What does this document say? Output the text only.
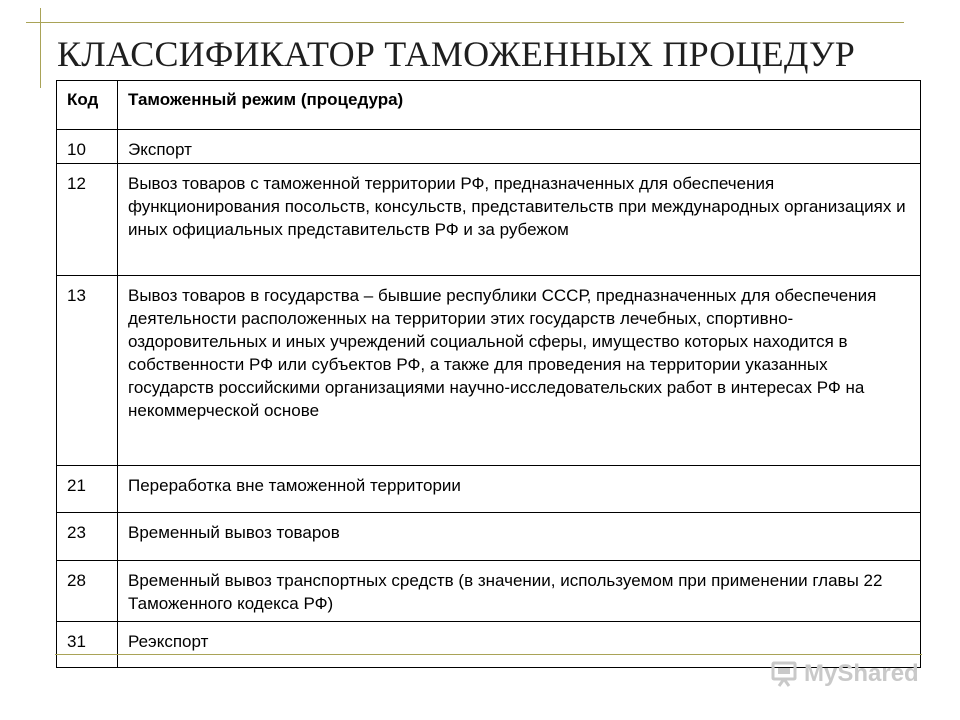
КЛАССИФИКАТОР ТАМОЖЕННЫХ ПРОЦЕДУР
Код	Таможенный режим (процедура)
10	Экспорт
12	Вывоз товаров с таможенной территории РФ, предназначенных для обеспечения функционирования посольств, консульств, представительств при международных организациях и иных официальных представительств РФ и за рубежом
13	Вывоз товаров в государства – бывшие республики СССР, предназначенных для обеспечения деятельности расположенных на территории этих государств лечебных, спортивно-оздоровительных и иных учреждений социальной сферы, имущество которых находится в собственности РФ или субъектов РФ, а также для проведения на территории указанных государств российскими организациями научно-исследовательских работ в интересах РФ на некоммерческой основе
21	Переработка вне таможенной территории
23	Временный вывоз товаров
28	Временный вывоз транспортных средств (в значении, используемом при применении главы 22 Таможенного кодекса РФ)
31	Реэкспорт
MyShared
